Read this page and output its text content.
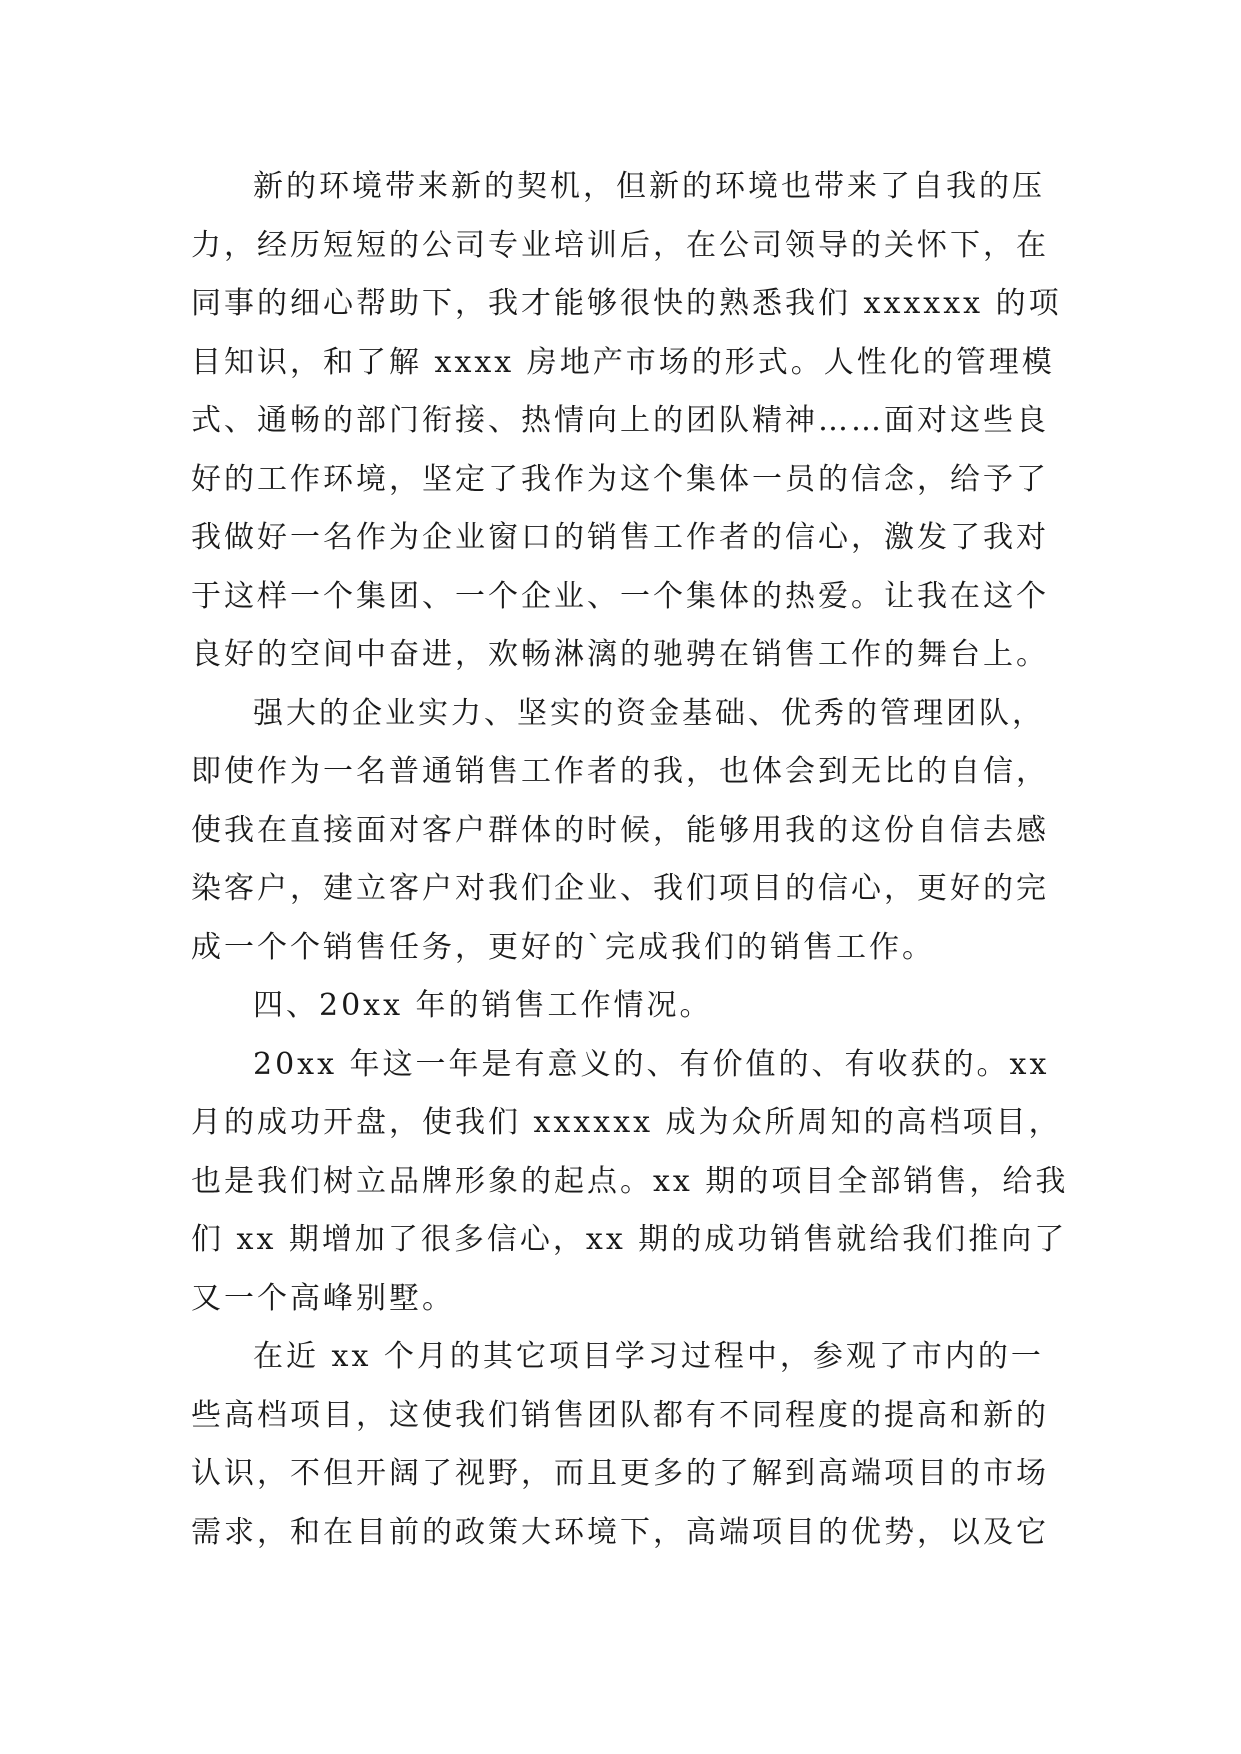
新的环境带来新的契机，但新的环境也带来了自我的压
力，经历短短的公司专业培训后，在公司领导的关怀下，在
同事的细心帮助下，我才能够很快的熟悉我们 xxxxxx 的项
目知识，和了解 xxxx 房地产市场的形式。人性化的管理模
式、通畅的部门衔接、热情向上的团队精神……面对这些良
好的工作环境，坚定了我作为这个集体一员的信念，给予了
我做好一名作为企业窗口的销售工作者的信心，激发了我对
于这样一个集团、一个企业、一个集体的热爱。让我在这个
良好的空间中奋进，欢畅淋漓的驰骋在销售工作的舞台上。
强大的企业实力、坚实的资金基础、优秀的管理团队，
即使作为一名普通销售工作者的我，也体会到无比的自信，
使我在直接面对客户群体的时候，能够用我的这份自信去感
染客户，建立客户对我们企业、我们项目的信心，更好的完
成一个个销售任务，更好的`完成我们的销售工作。
四、20xx 年的销售工作情况。
20xx 年这一年是有意义的、有价值的、有收获的。xx
月的成功开盘，使我们 xxxxxx 成为众所周知的高档项目，
也是我们树立品牌形象的起点。xx 期的项目全部销售，给我
们 xx 期增加了很多信心，xx 期的成功销售就给我们推向了
又一个高峰别墅。
在近 xx 个月的其它项目学习过程中，参观了市内的一
些高档项目，这使我们销售团队都有不同程度的提高和新的
认识，不但开阔了视野，而且更多的了解到高端项目的市场
需求，和在目前的政策大环境下，高端项目的优势，以及它
